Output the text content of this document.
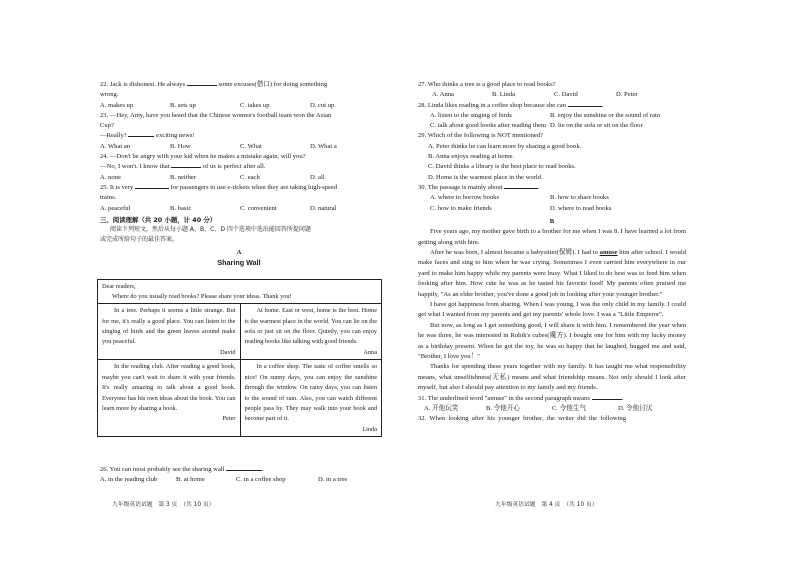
22. Jack is dishonest. He always	some excuses(借口) for doing something
wrong.
A. makes up	B. sets up	C. takes up	D. cut up
23. —Hey, Amy, have you heard that the Chinese women's football team won the Asian
Cup?
—Really?	exciting news!
A. What an	B. How	C. What	D. What a
24. —Don't be angry with your kid when he makes a mistake again, will you?
—No, I won't. I know that	of us is perfect after all.
A. none	B. neither	C. each	D. all
25. It is very	for passengers to use e-tickets when they are taking high-speed
trains.
A. peaceful	B. basic	C. convenient	D. natural
三、阅读理解（共 20 小题，计 40 分）
阅读下列短文，然后从每小题 A、B、C、D 四个选项中选出能回答所提问题
或完成所给句子的最佳答案。
A
Sharing Wall
Dear readers,
Where do you usually read books? Please share your ideas. Thank you!
In a tree. Perhaps it seems a little strange. But for me, it's really a good place. You can listen to the singing of birds and the green leaves around make you peaceful.
David
At home. East or west, home is the best. Home is the warmest place in the world. You can lie on the sofa or just sit on the floor. Quietly, you can enjoy reading books like talking with good friends.
Anna
In the reading club. After reading a good book, maybe you can't wait to share it with your friends. It's really amazing to talk about a good book. Everyone has his own ideas about the book. You can learn more by sharing a book.
Peter
In a coffee shop. The taste of coffee smells so nice! On sunny days, you can enjoy the sunshine through the window. On rainy days, you can listen to the sound of rain. Also, you can watch different people pass by. They may walk into your book and become part of it.
Linda
26. You can most probably see the sharing wall	.
A. in the reading club	B. at home	C. in a coffee shop	D. in a tree
九年级英语试题　第 3 页　（共 10 页）
27. Who thinks a tree is a good place to read books?
A. Anna	B. Linda	C. David	D. Peter
28. Linda likes reading in a coffee shop because she can	.
A. listen to the singing of birds	B. enjoy the sunshine or the sound of rain
C. talk about good books after reading them D. lie on the sofa or sit on the floor
29. Which of the following is NOT mentioned?
A. Peter thinks he can learn more by sharing a good book.
B. Anna enjoys reading at home.
C. David thinks a library is the best place to read books.
D. Home is the warmest place in the world.
30. The passage is mainly about	.
A. where to borrow books	B. how to share books
C. how to make friends	D. where to read books
B
Five years ago, my mother gave birth to a brother for me when I was 8. I have learned a lot from getting along with him.
After he was born, I almost became a babysitter(保姆). I had to amuse him after school. I would make faces and sing to him when he was crying. Sometimes I even carried him everywhere in our yard to make him happy while my parents were busy. What I liked to do best was to feed him when looking after him. How cute he was as he tasted his favorite food! My parents often praised me happily, "As an elder brother, you've done a good job in looking after your younger brother."
I have got happiness from sharing. When I was young, I was the only child in my family. I could get what I wanted from my parents and get my parents' whole love. I was a "Little Emperor".
But now, as long as I get something good, I will share it with him. I remembered the year when he was three, he was interested in Rubik's cubes(魔方). I bought one for him with my lucky money as a birthday present. When he got the toy, he was so happy that he laughed, hugged me and said, "Brother, I love you！"
Thanks for spending these years together with my family. It has taught me what responsibility means, what unselfishness(无私) means and what friendship means. Not only should I look after myself, but also I should pay attention to my family and my friends.
31. The underlined word "amuse" in the second paragraph means	.
A. 开他玩笑	B. 令他开心	C. 令他生气	D. 令他讨厌
32.  When  looking  after  his  younger  brother,  the  writer  did  the  following
九年级英语试题　第 4 页　（共 10 页）
